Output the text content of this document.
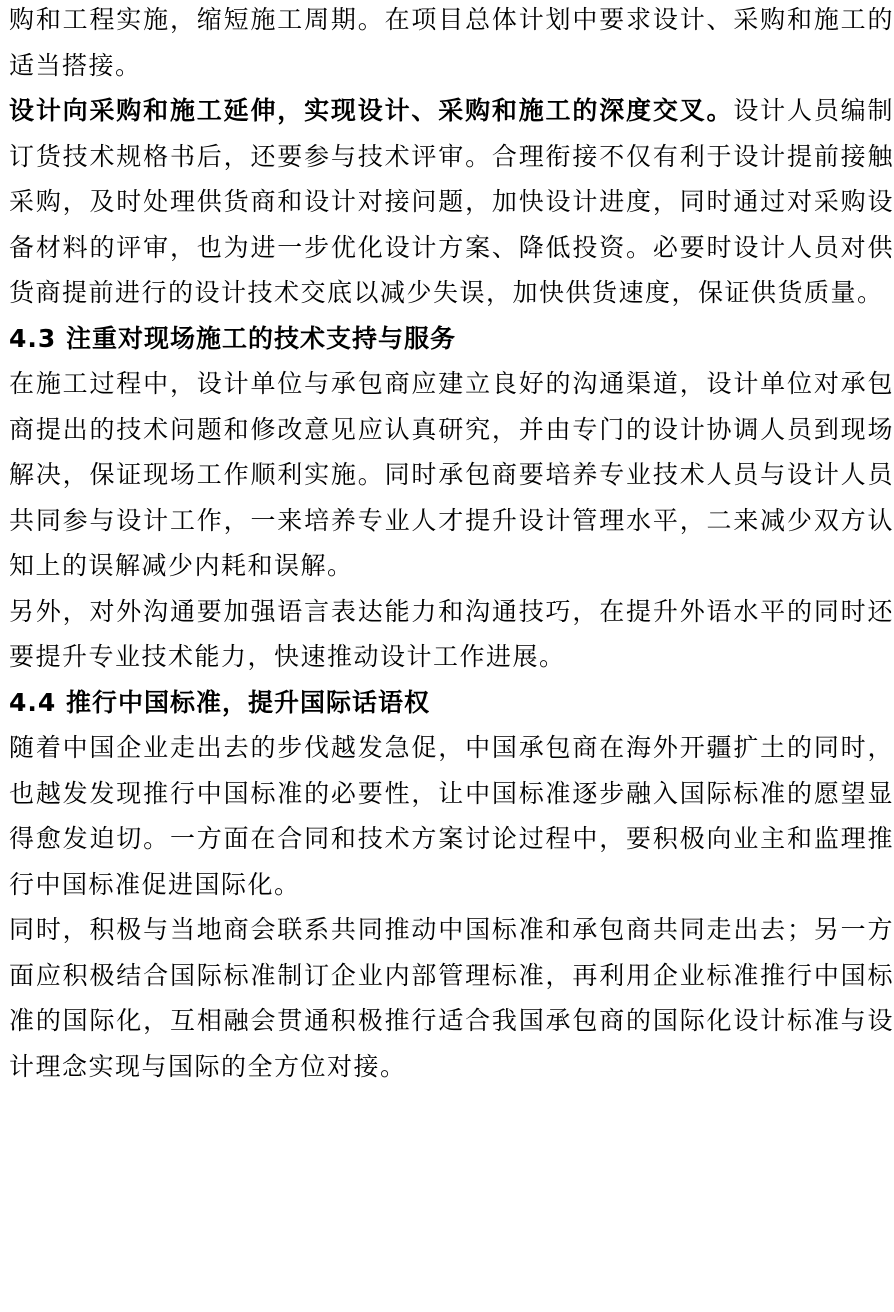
购和工程实施，缩短施工周期。在项目总体计划中要求设计、采购和施工的适当搭接。

设计向采购和施工延伸，实现设计、采购和施工的深度交叉。设计人员编制订货技术规格书后，还要参与技术评审。合理衔接不仅有利于设计提前接触采购，及时处理供货商和设计对接问题，加快设计进度，同时通过对采购设备材料的评审，也为进一步优化设计方案、降低投资。必要时设计人员对供货商提前进行的设计技术交底以减少失误，加快供货速度，保证供货质量。

4.3 注重对现场施工的技术支持与服务

在施工过程中，设计单位与承包商应建立良好的沟通渠道，设计单位对承包商提出的技术问题和修改意见应认真研究，并由专门的设计协调人员到现场解决，保证现场工作顺利实施。同时承包商要培养专业技术人员与设计人员共同参与设计工作，一来培养专业人才提升设计管理水平，二来减少双方认知上的误解减少内耗和误解。

另外，对外沟通要加强语言表达能力和沟通技巧，在提升外语水平的同时还要提升专业技术能力，快速推动设计工作进展。

4.4 推行中国标准，提升国际话语权

随着中国企业走出去的步伐越发急促，中国承包商在海外开疆扩土的同时，也越发发现推行中国标准的必要性，让中国标准逐步融入国际标准的愿望显得愈发迫切。一方面在合同和技术方案讨论过程中，要积极向业主和监理推行中国标准促进国际化。

同时，积极与当地商会联系共同推动中国标准和承包商共同走出去；另一方面应积极结合国际标准制订企业内部管理标准，再利用企业标准推行中国标准的国际化，互相融会贯通积极推行适合我国承包商的国际化设计标准与设计理念实现与国际的全方位对接。
